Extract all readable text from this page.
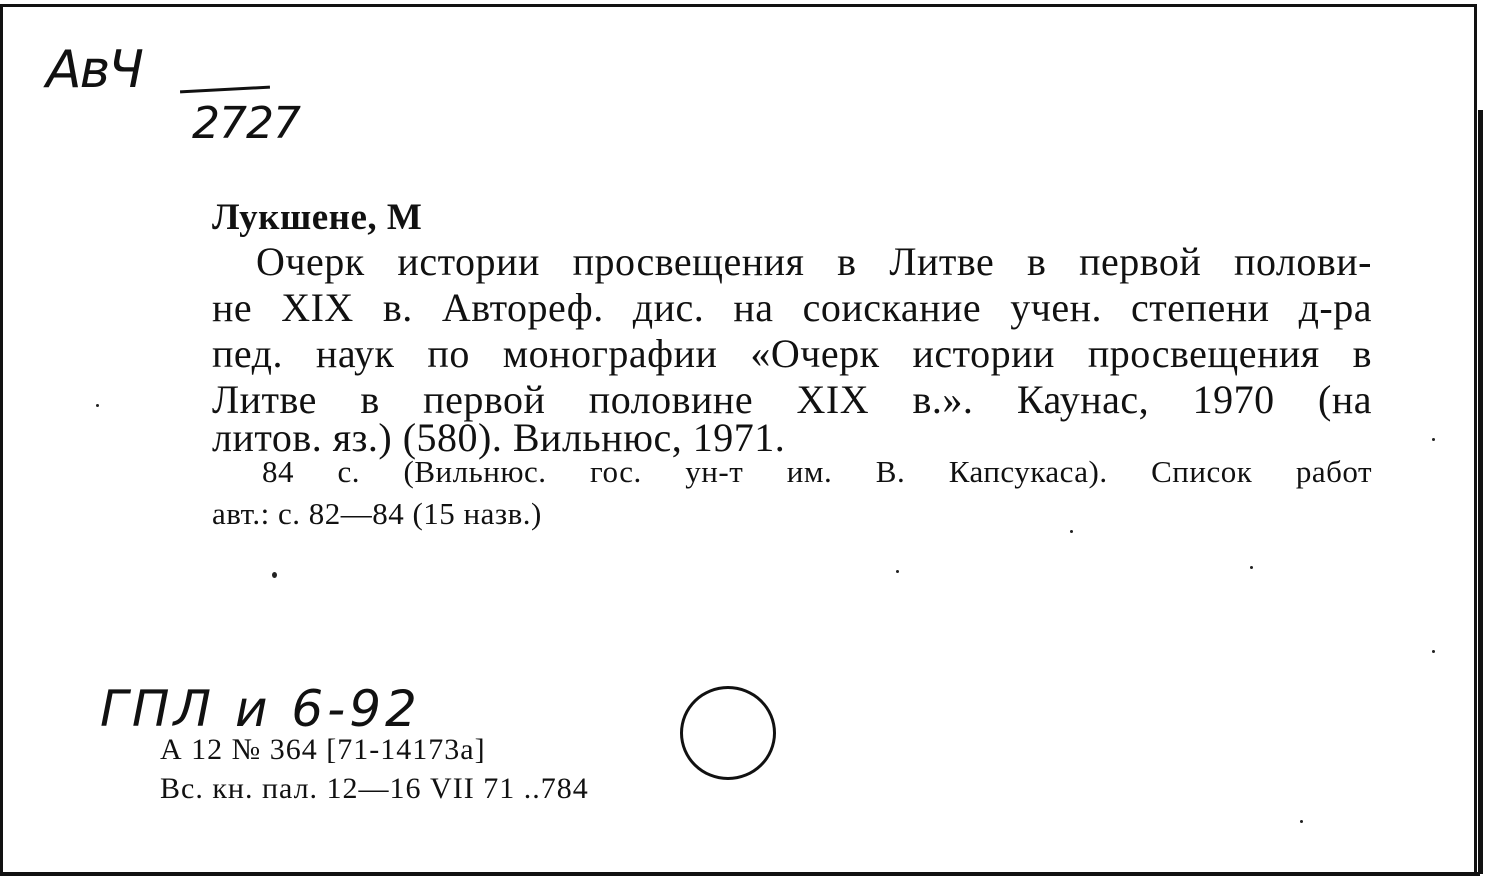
АвЧ
2727
Лукшене, М
Очерк истории просвещения в Литве в первой полови-
не XIX в. Автореф. дис. на соискание учен. степени д-ра
пед. наук по монографии «Очерк истории просвещения в
Литве в первой половине XIX в.». Каунас, 1970 (на
литов. яз.) (580). Вильнюс, 1971.
84 с. (Вильнюс. гос. ун-т им. В. Капсукаса). Список работ
авт.: с. 82—84 (15 назв.)
ГПЛ и 6-92
А 12 № 364 [71-14173а]
Вс. кн. пал. 12—16 VII 71 ..784
